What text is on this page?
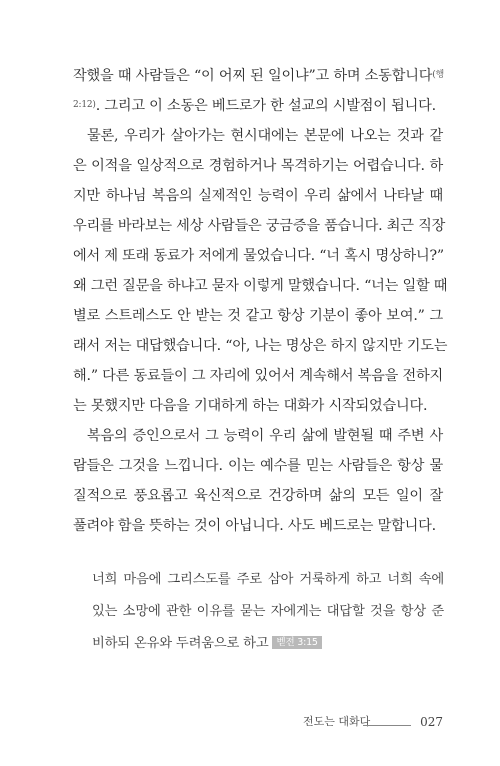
작했을 때 사람들은 “이 어찌 된 일이냐”고 하며 소동합니다$^{(행}$
$^{2:12)}$. 그리고 이 소동은 베드로가 한 설교의 시발점이 됩니다.
물론, 우리가 살아가는 현시대에는 본문에 나오는 것과 같
은 이적을 일상적으로 경험하거나 목격하기는 어렵습니다. 하
지만 하나님 복음의 실제적인 능력이 우리 삶에서 나타날 때
우리를 바라보는 세상 사람들은 궁금증을 품습니다. 최근 직장
에서 제 또래 동료가 저에게 물었습니다. “너 혹시 명상하니?”
왜 그런 질문을 하냐고 묻자 이렇게 말했습니다. “너는 일할 때
별로 스트레스도 안 받는 것 같고 항상 기분이 좋아 보여.” 그
래서 저는 대답했습니다. “아, 나는 명상은 하지 않지만 기도는
해.” 다른 동료들이 그 자리에 있어서 계속해서 복음을 전하지
는 못했지만 다음을 기대하게 하는 대화가 시작되었습니다.
복음의 증인으로서 그 능력이 우리 삶에 발현될 때 주변 사
람들은 그것을 느낍니다. 이는 예수를 믿는 사람들은 항상 물
질적으로 풍요롭고 육신적으로 건강하며 삶의 모든 일이 잘
풀려야 함을 뜻하는 것이 아닙니다. 사도 베드로는 말합니다.
너희 마음에 그리스도를 주로 삼아 거룩하게 하고 너희 속에
있는 소망에 관한 이유를 묻는 자에게는 대답할 것을 항상 준
비하되 온유와 두려움으로 하고 벧전 3:15
전도는 대화다	027
